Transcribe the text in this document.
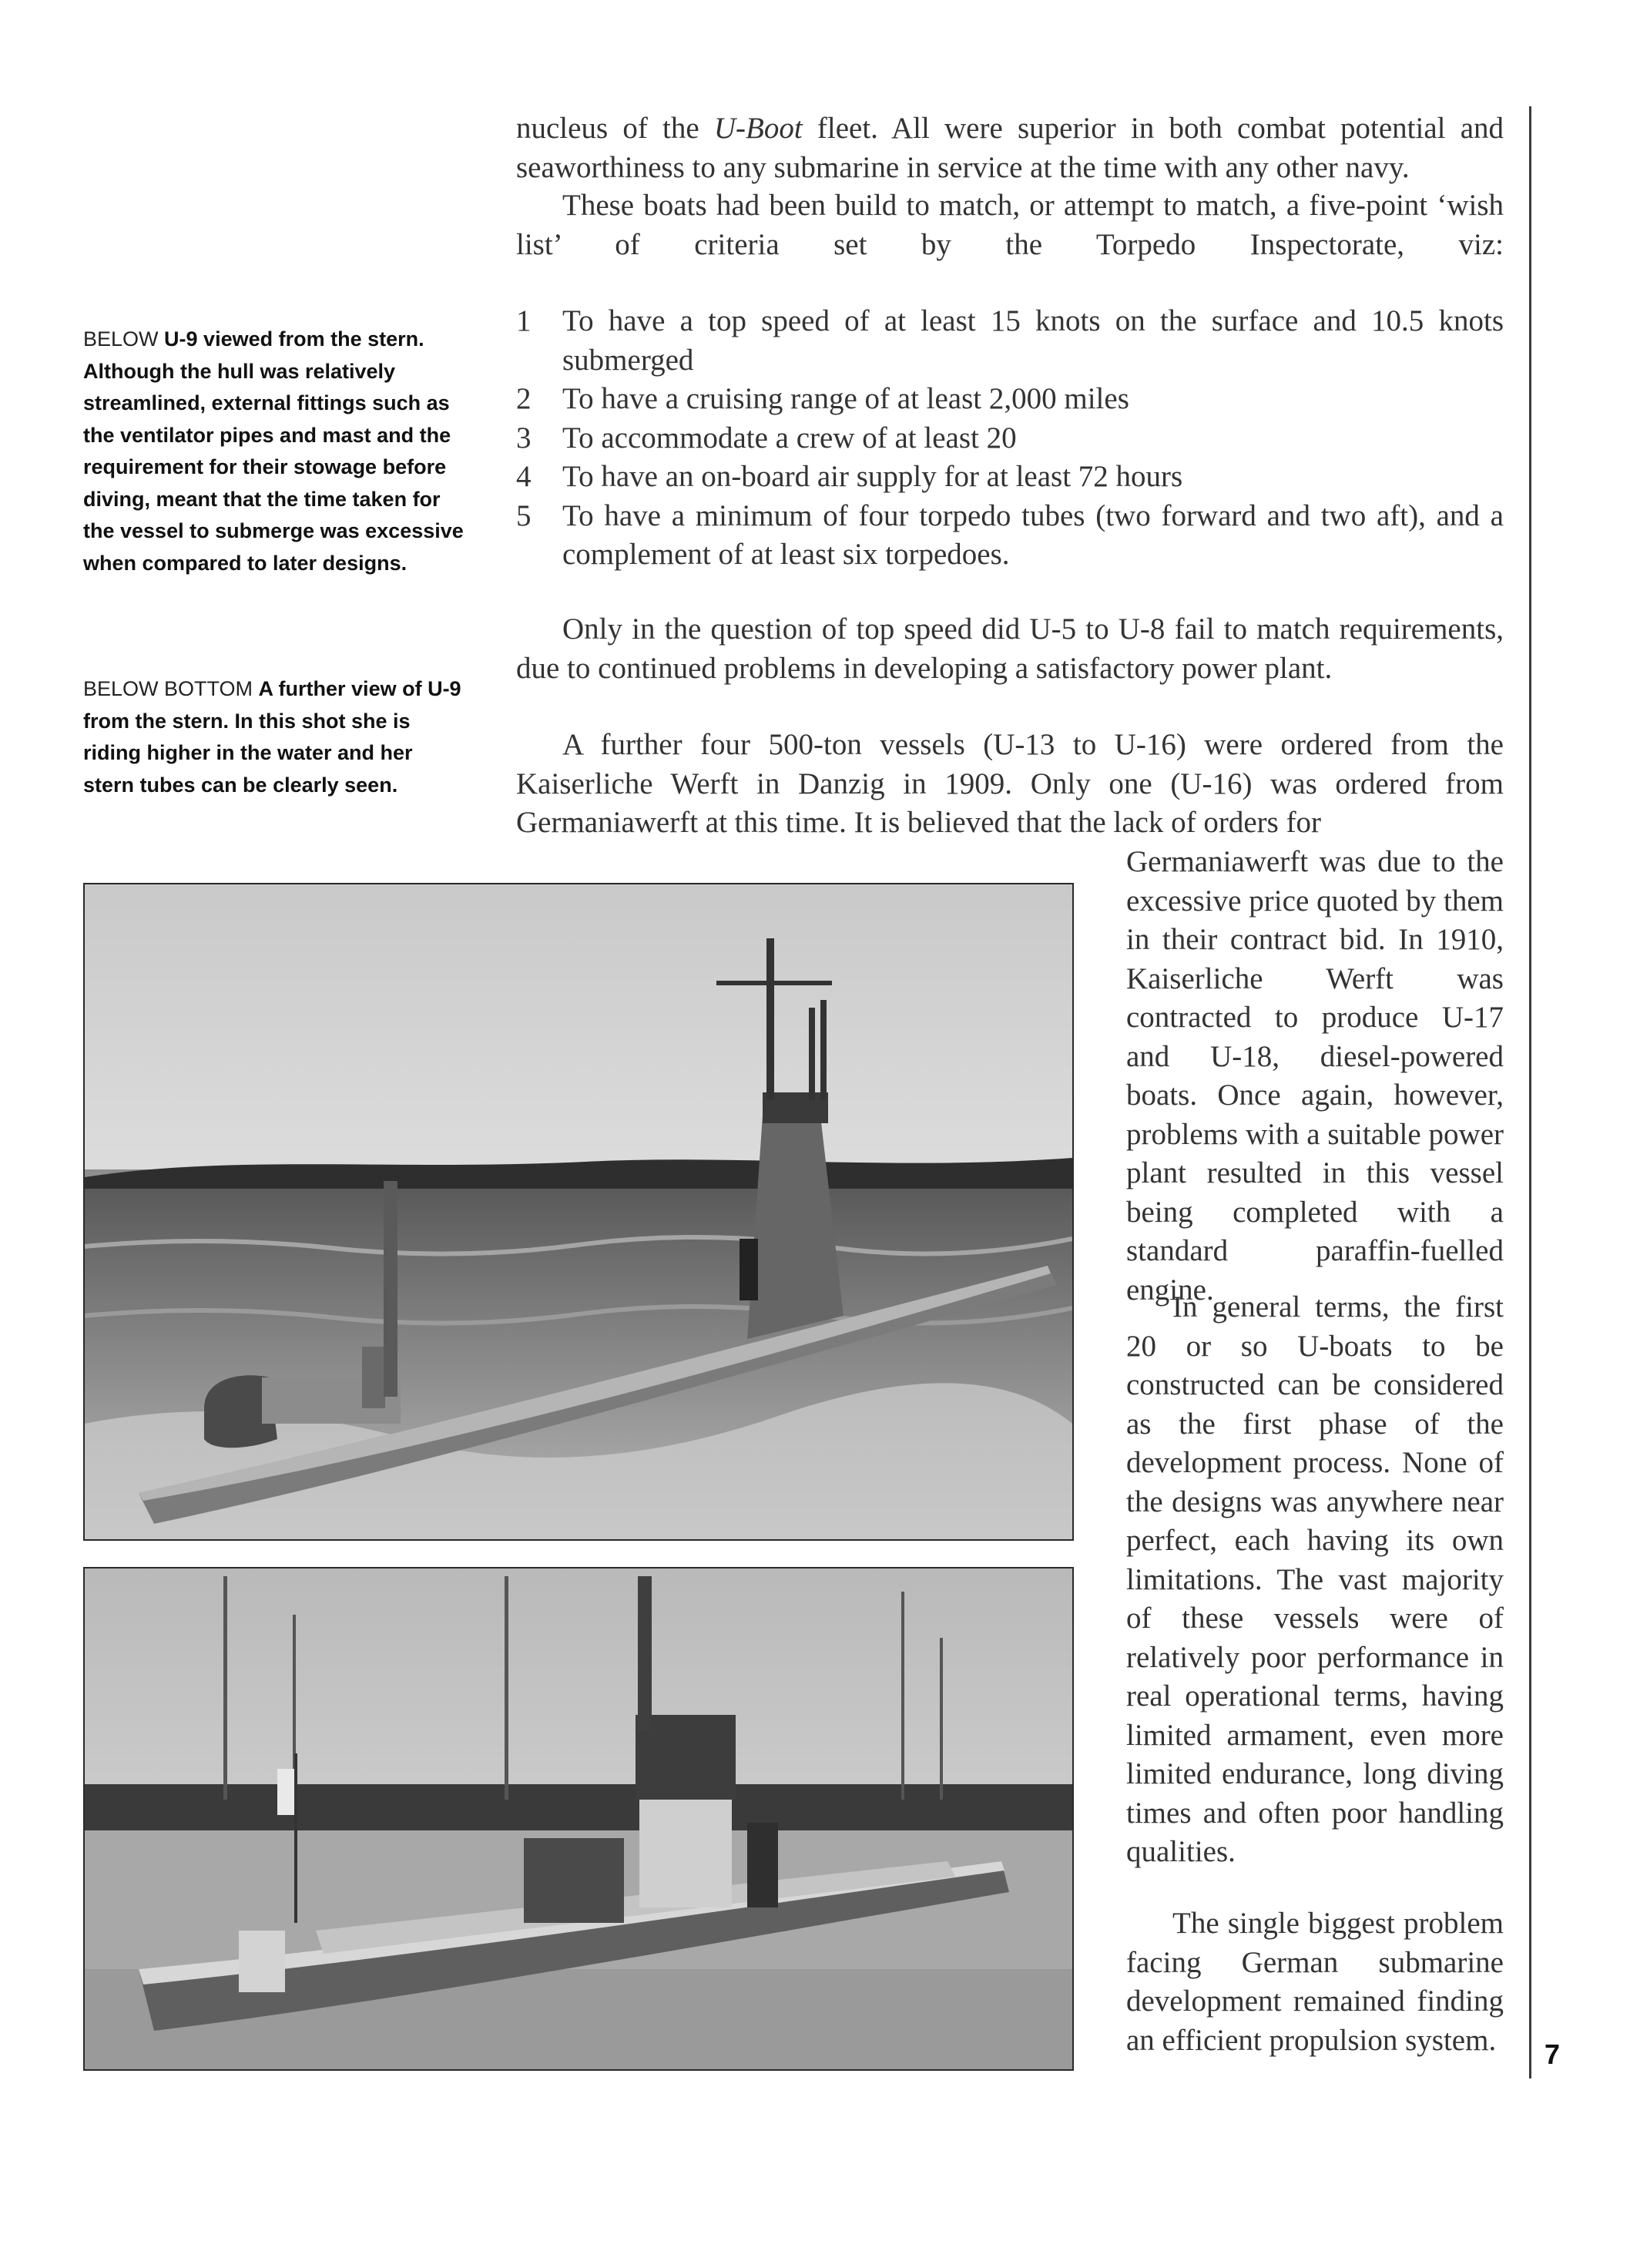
BELOW U-9 viewed from the stern. Although the hull was relatively streamlined, external fittings such as the ventilator pipes and mast and the requirement for their stowage before diving, meant that the time taken for the vessel to submerge was excessive when compared to later designs.

BELOW BOTTOM A further view of U-9 from the stern. In this shot she is riding higher in the water and her stern tubes can be clearly seen.

nucleus of the U-Boot fleet. All were superior in both combat potential and seaworthiness to any submarine in service at the time with any other navy.

These boats had been build to match, or attempt to match, a five-point ‘wish list’ of criteria set by the Torpedo Inspectorate, viz:

1	To have a top speed of at least 15 knots on the surface and 10.5 knots submerged
2	To have a cruising range of at least 2,000 miles
3	To accommodate a crew of at least 20
4	To have an on-board air supply for at least 72 hours
5	To have a minimum of four torpedo tubes (two forward and two aft), and a complement of at least six torpedoes.

Only in the question of top speed did U-5 to U-8 fail to match requirements, due to continued problems in developing a satisfactory power plant.

A further four 500-ton vessels (U-13 to U-16) were ordered from the Kaiserliche Werft in Danzig in 1909. Only one (U-16) was ordered from Germaniawerft at this time. It is believed that the lack of orders for

Germaniawerft was due to the excessive price quoted by them in their contract bid. In 1910, Kaiserliche Werft was contracted to produce U-17 and U-18, diesel-powered boats. Once again, however, problems with a suitable power plant resulted in this vessel being completed with a standard paraffin-fuelled engine.

In general terms, the first 20 or so U-boats to be constructed can be considered as the first phase of the development process. None of the designs was anywhere near perfect, each having its own limitations. The vast majority of these vessels were of relatively poor performance in real operational terms, having limited armament, even more limited endurance, long diving times and often poor handling qualities.

The single biggest problem facing German submarine development remained finding an efficient propulsion system. 7
